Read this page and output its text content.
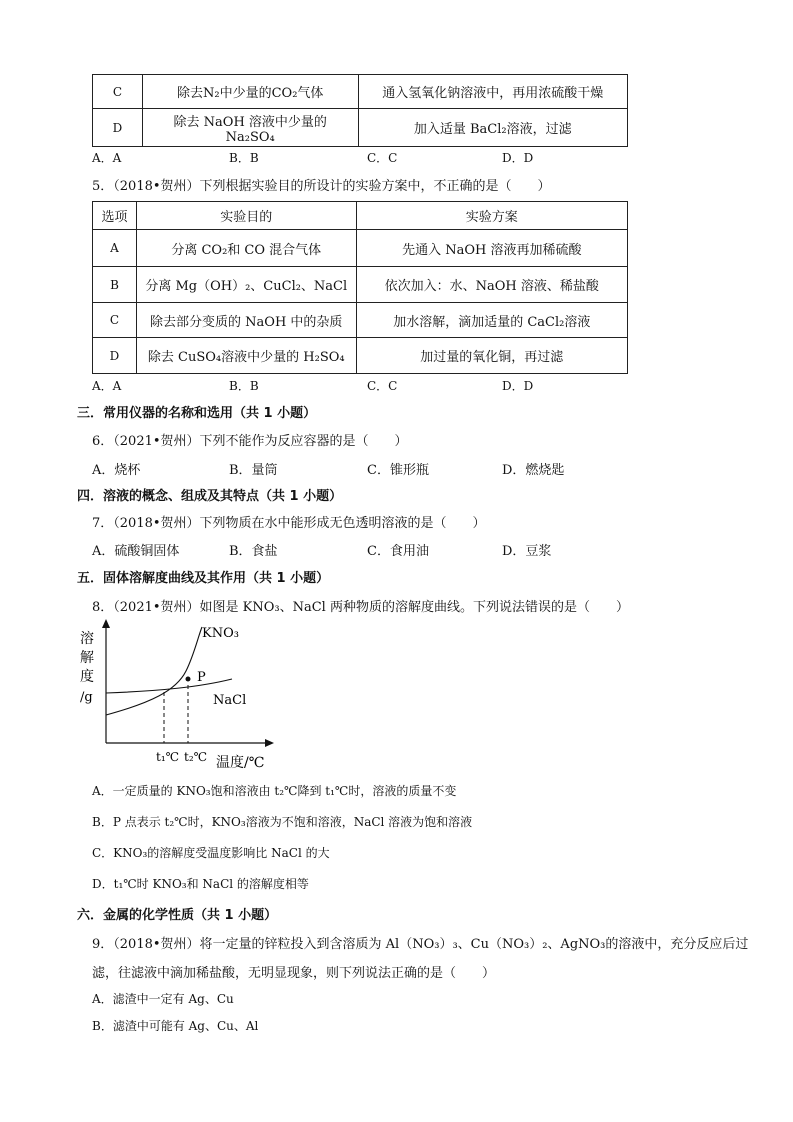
C	除去N₂中少量的CO₂气体	通入氢氧化钠溶液中，再用浓硫酸干燥
D	除去 NaOH 溶液中少量的 Na₂SO₄	加入适量 BaCl₂溶液，过滤
A．A	B．B	C．C	D．D
5．（2018•贺州）下列根据实验目的所设计的实验方案中，不正确的是（　　）
选项	实验目的	实验方案
A	分离 CO₂和 CO 混合气体	先通入 NaOH 溶液再加稀硫酸
B	分离 Mg（OH）₂、CuCl₂、NaCl	依次加入：水、NaOH 溶液、稀盐酸
C	除去部分变质的 NaOH 中的杂质	加水溶解，滴加适量的 CaCl₂溶液
D	除去 CuSO₄溶液中少量的 H₂SO₄	加过量的氧化铜，再过滤
A．A	B．B	C．C	D．D
三．常用仪器的名称和选用（共 1 小题）
6．（2021•贺州）下列不能作为反应容器的是（　　）
A．烧杯	B．量筒	C．锥形瓶	D．燃烧匙
四．溶液的概念、组成及其特点（共 1 小题）
7．（2018•贺州）下列物质在水中能形成无色透明溶液的是（　　）
A．硫酸铜固体	B．食盐	C．食用油	D．豆浆
五．固体溶解度曲线及其作用（共 1 小题）
8．（2021•贺州）如图是 KNO₃、NaCl 两种物质的溶解度曲线。下列说法错误的是（　　）
溶
解
度
/g
KNO₃
NaCl
P
t₁℃ t₂℃ 温度/℃
A．一定质量的 KNO₃饱和溶液由 t₂℃降到 t₁℃时，溶液的质量不变
B．P 点表示 t₂℃时，KNO₃溶液为不饱和溶液，NaCl 溶液为饱和溶液
C．KNO₃的溶解度受温度影响比 NaCl 的大
D．t₁℃时 KNO₃和 NaCl 的溶解度相等
六．金属的化学性质（共 1 小题）
9．（2018•贺州）将一定量的锌粒投入到含溶质为 Al（NO₃）₃、Cu（NO₃）₂、AgNO₃的溶液中，充分反应后过
滤，往滤液中滴加稀盐酸，无明显现象，则下列说法正确的是（　　）
A．滤渣中一定有 Ag、Cu
B．滤渣中可能有 Ag、Cu、Al
